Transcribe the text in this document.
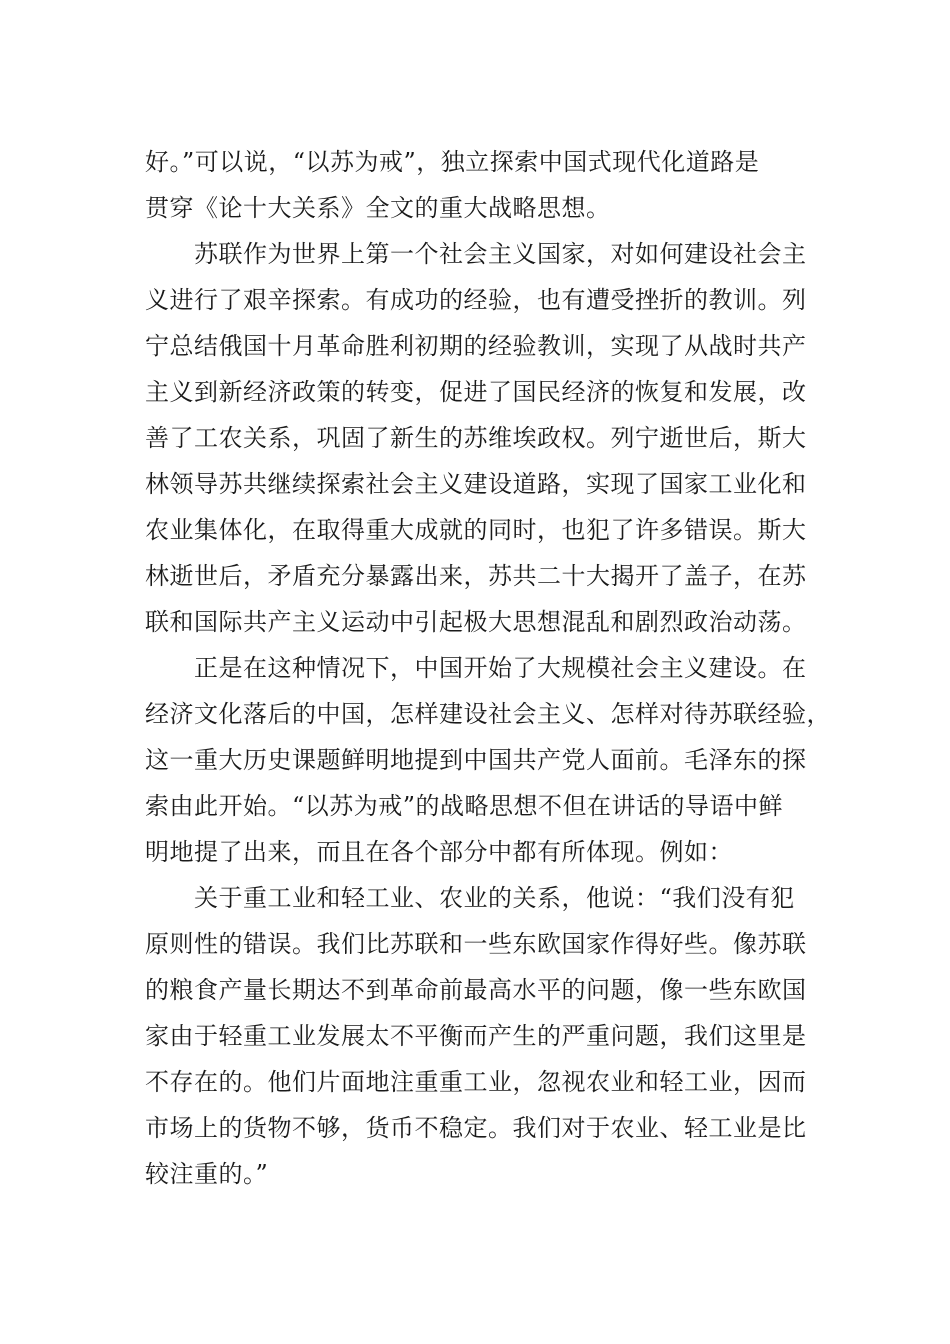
好。”可以说，“以苏为戒”，独立探索中国式现代化道路是
贯穿《论十大关系》全文的重大战略思想。
苏联作为世界上第一个社会主义国家，对如何建设社会主
义进行了艰辛探索。有成功的经验，也有遭受挫折的教训。列
宁总结俄国十月革命胜利初期的经验教训，实现了从战时共产
主义到新经济政策的转变，促进了国民经济的恢复和发展，改
善了工农关系，巩固了新生的苏维埃政权。列宁逝世后，斯大
林领导苏共继续探索社会主义建设道路，实现了国家工业化和
农业集体化，在取得重大成就的同时，也犯了许多错误。斯大
林逝世后，矛盾充分暴露出来，苏共二十大揭开了盖子，在苏
联和国际共产主义运动中引起极大思想混乱和剧烈政治动荡。
正是在这种情况下，中国开始了大规模社会主义建设。在
经济文化落后的中国，怎样建设社会主义、怎样对待苏联经验，
这一重大历史课题鲜明地提到中国共产党人面前。毛泽东的探
索由此开始。“以苏为戒”的战略思想不但在讲话的导语中鲜
明地提了出来，而且在各个部分中都有所体现。例如：
关于重工业和轻工业、农业的关系，他说：“我们没有犯
原则性的错误。我们比苏联和一些东欧国家作得好些。像苏联
的粮食产量长期达不到革命前最高水平的问题，像一些东欧国
家由于轻重工业发展太不平衡而产生的严重问题，我们这里是
不存在的。他们片面地注重重工业，忽视农业和轻工业，因而
市场上的货物不够，货币不稳定。我们对于农业、轻工业是比
较注重的。”
